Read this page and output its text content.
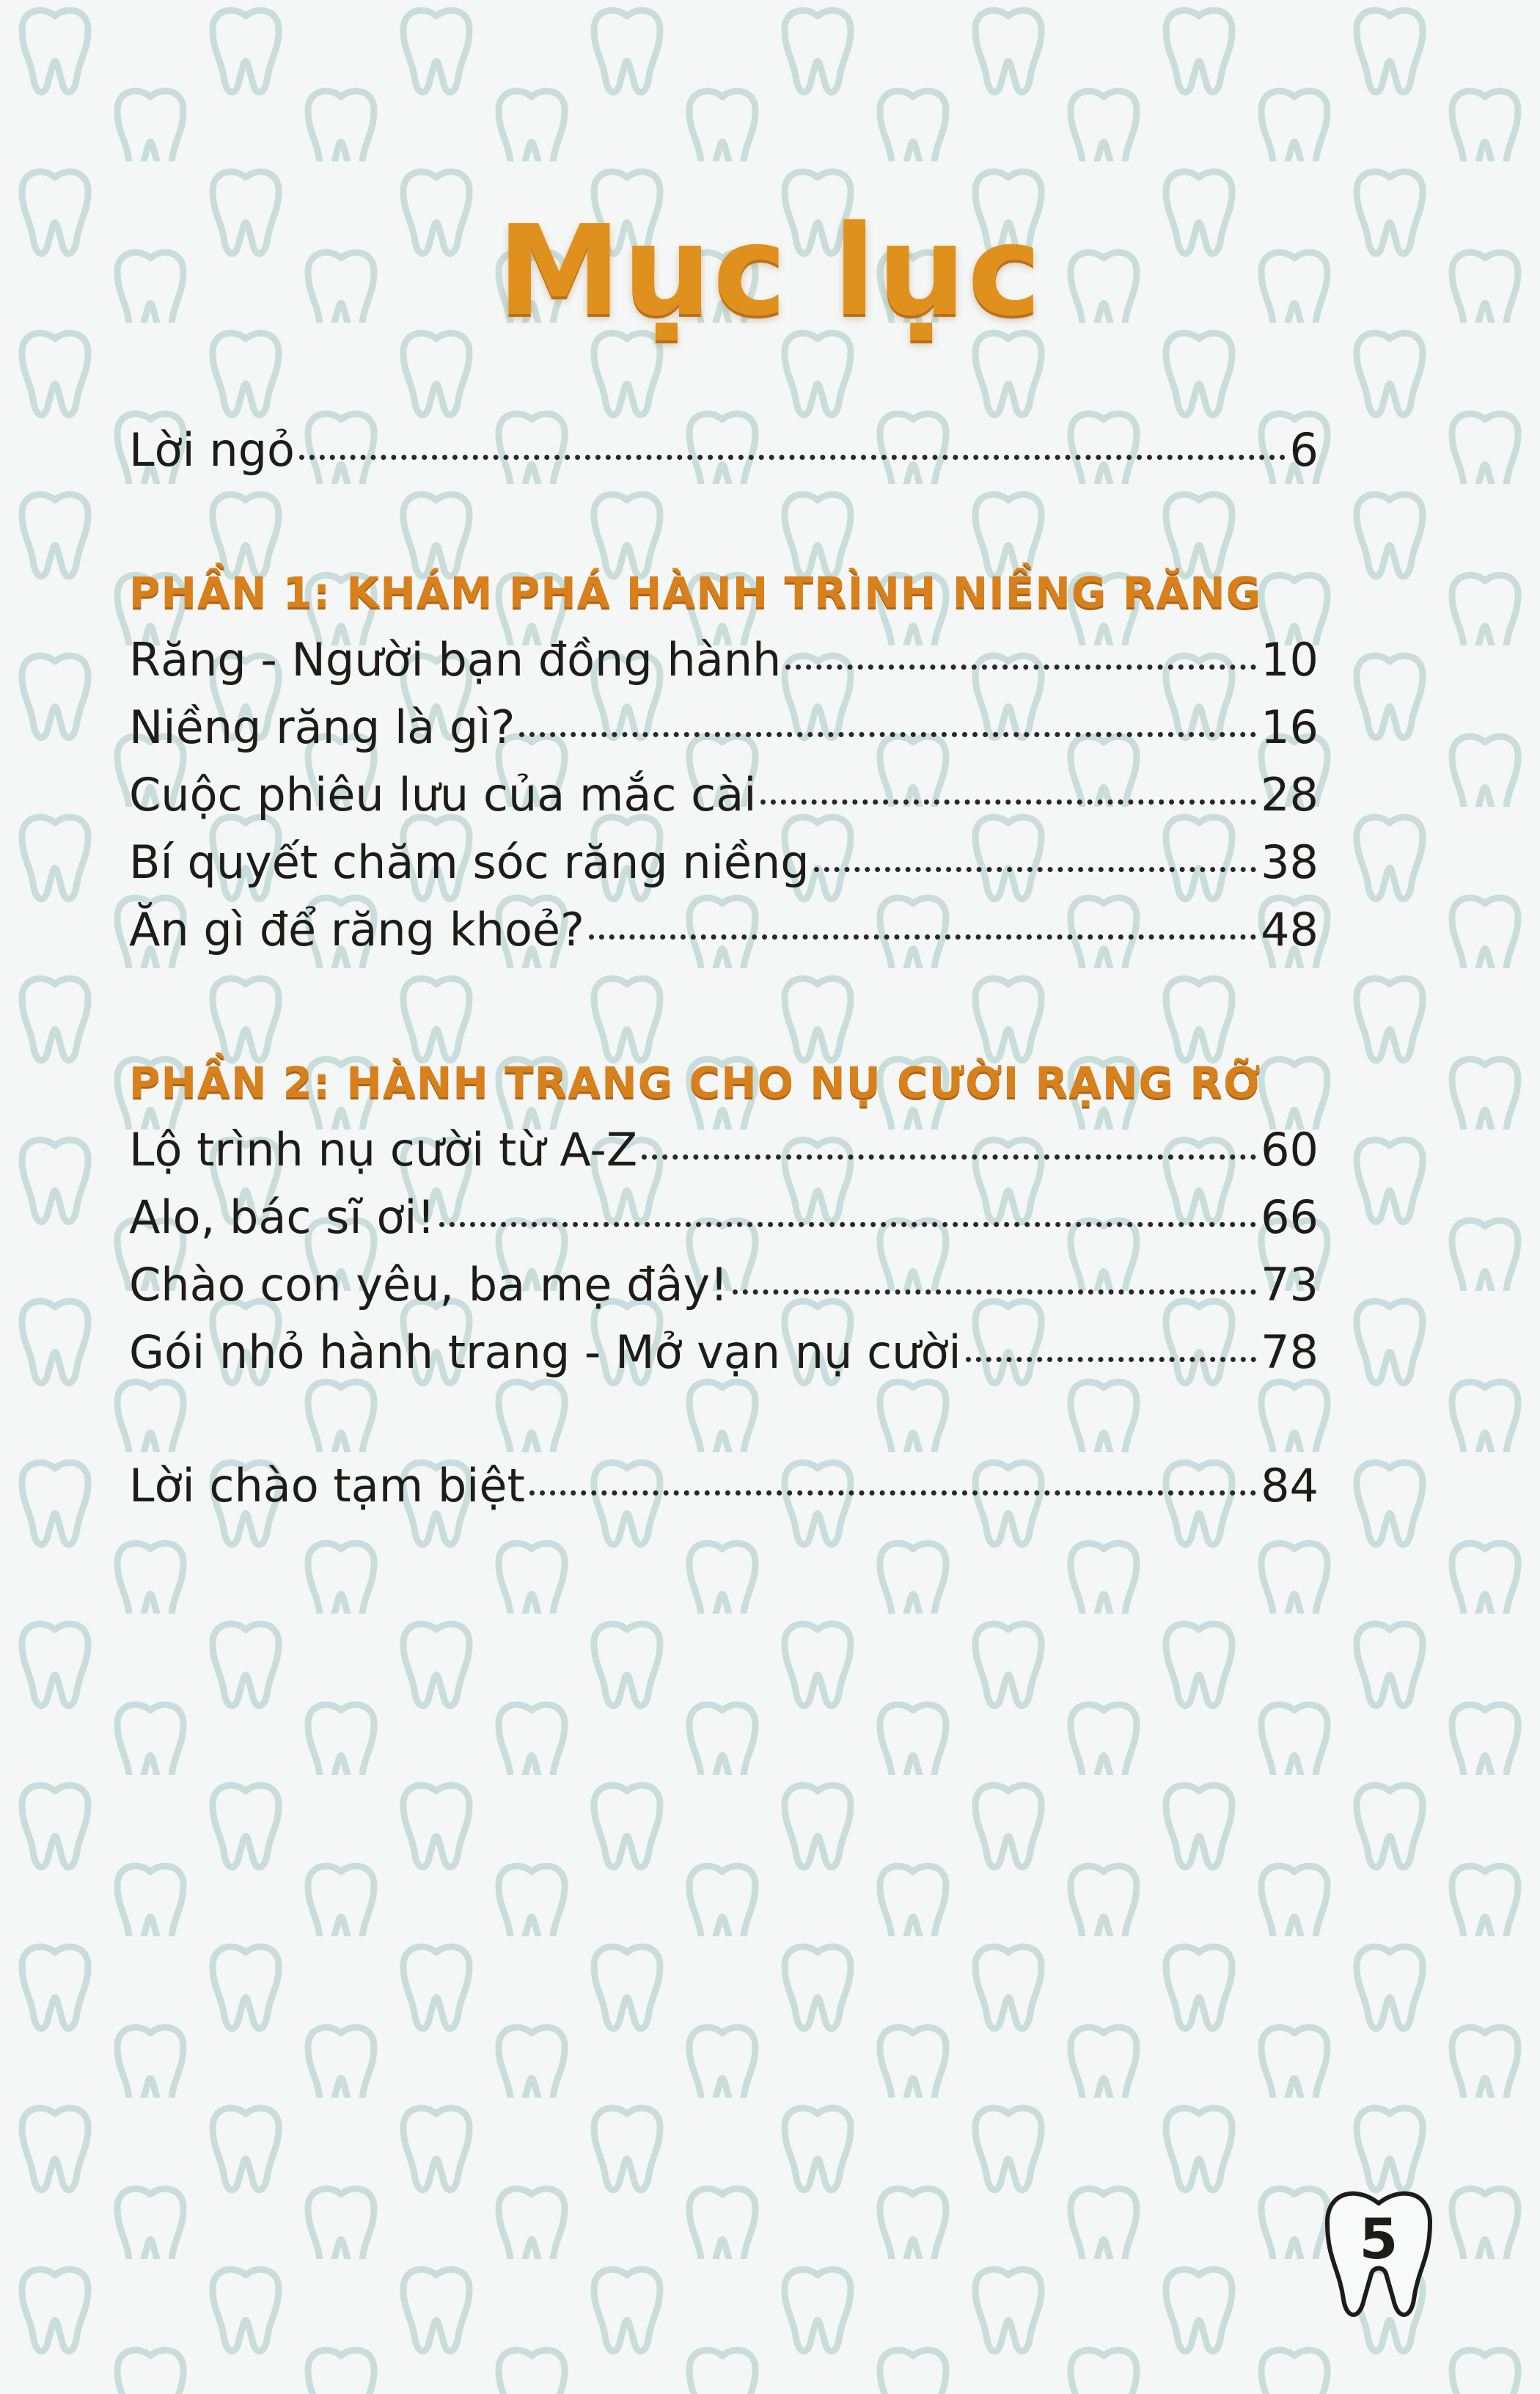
Mục lục
Lời ngỏ	6
PHẦN 1: KHÁM PHÁ HÀNH TRÌNH NIỀNG RĂNG
Răng - Người bạn đồng hành	10
Niềng răng là gì?	16
Cuộc phiêu lưu của mắc cài	28
Bí quyết chăm sóc răng niềng	38
Ăn gì để răng khoẻ?	48
PHẦN 2: HÀNH TRANG CHO NỤ CƯỜI RẠNG RỠ
Lộ trình nụ cười từ A-Z	60
Alo, bác sĩ ơi!	66
Chào con yêu, ba mẹ đây!	73
Gói nhỏ hành trang - Mở vạn nụ cười	78
Lời chào tạm biệt	84
5
